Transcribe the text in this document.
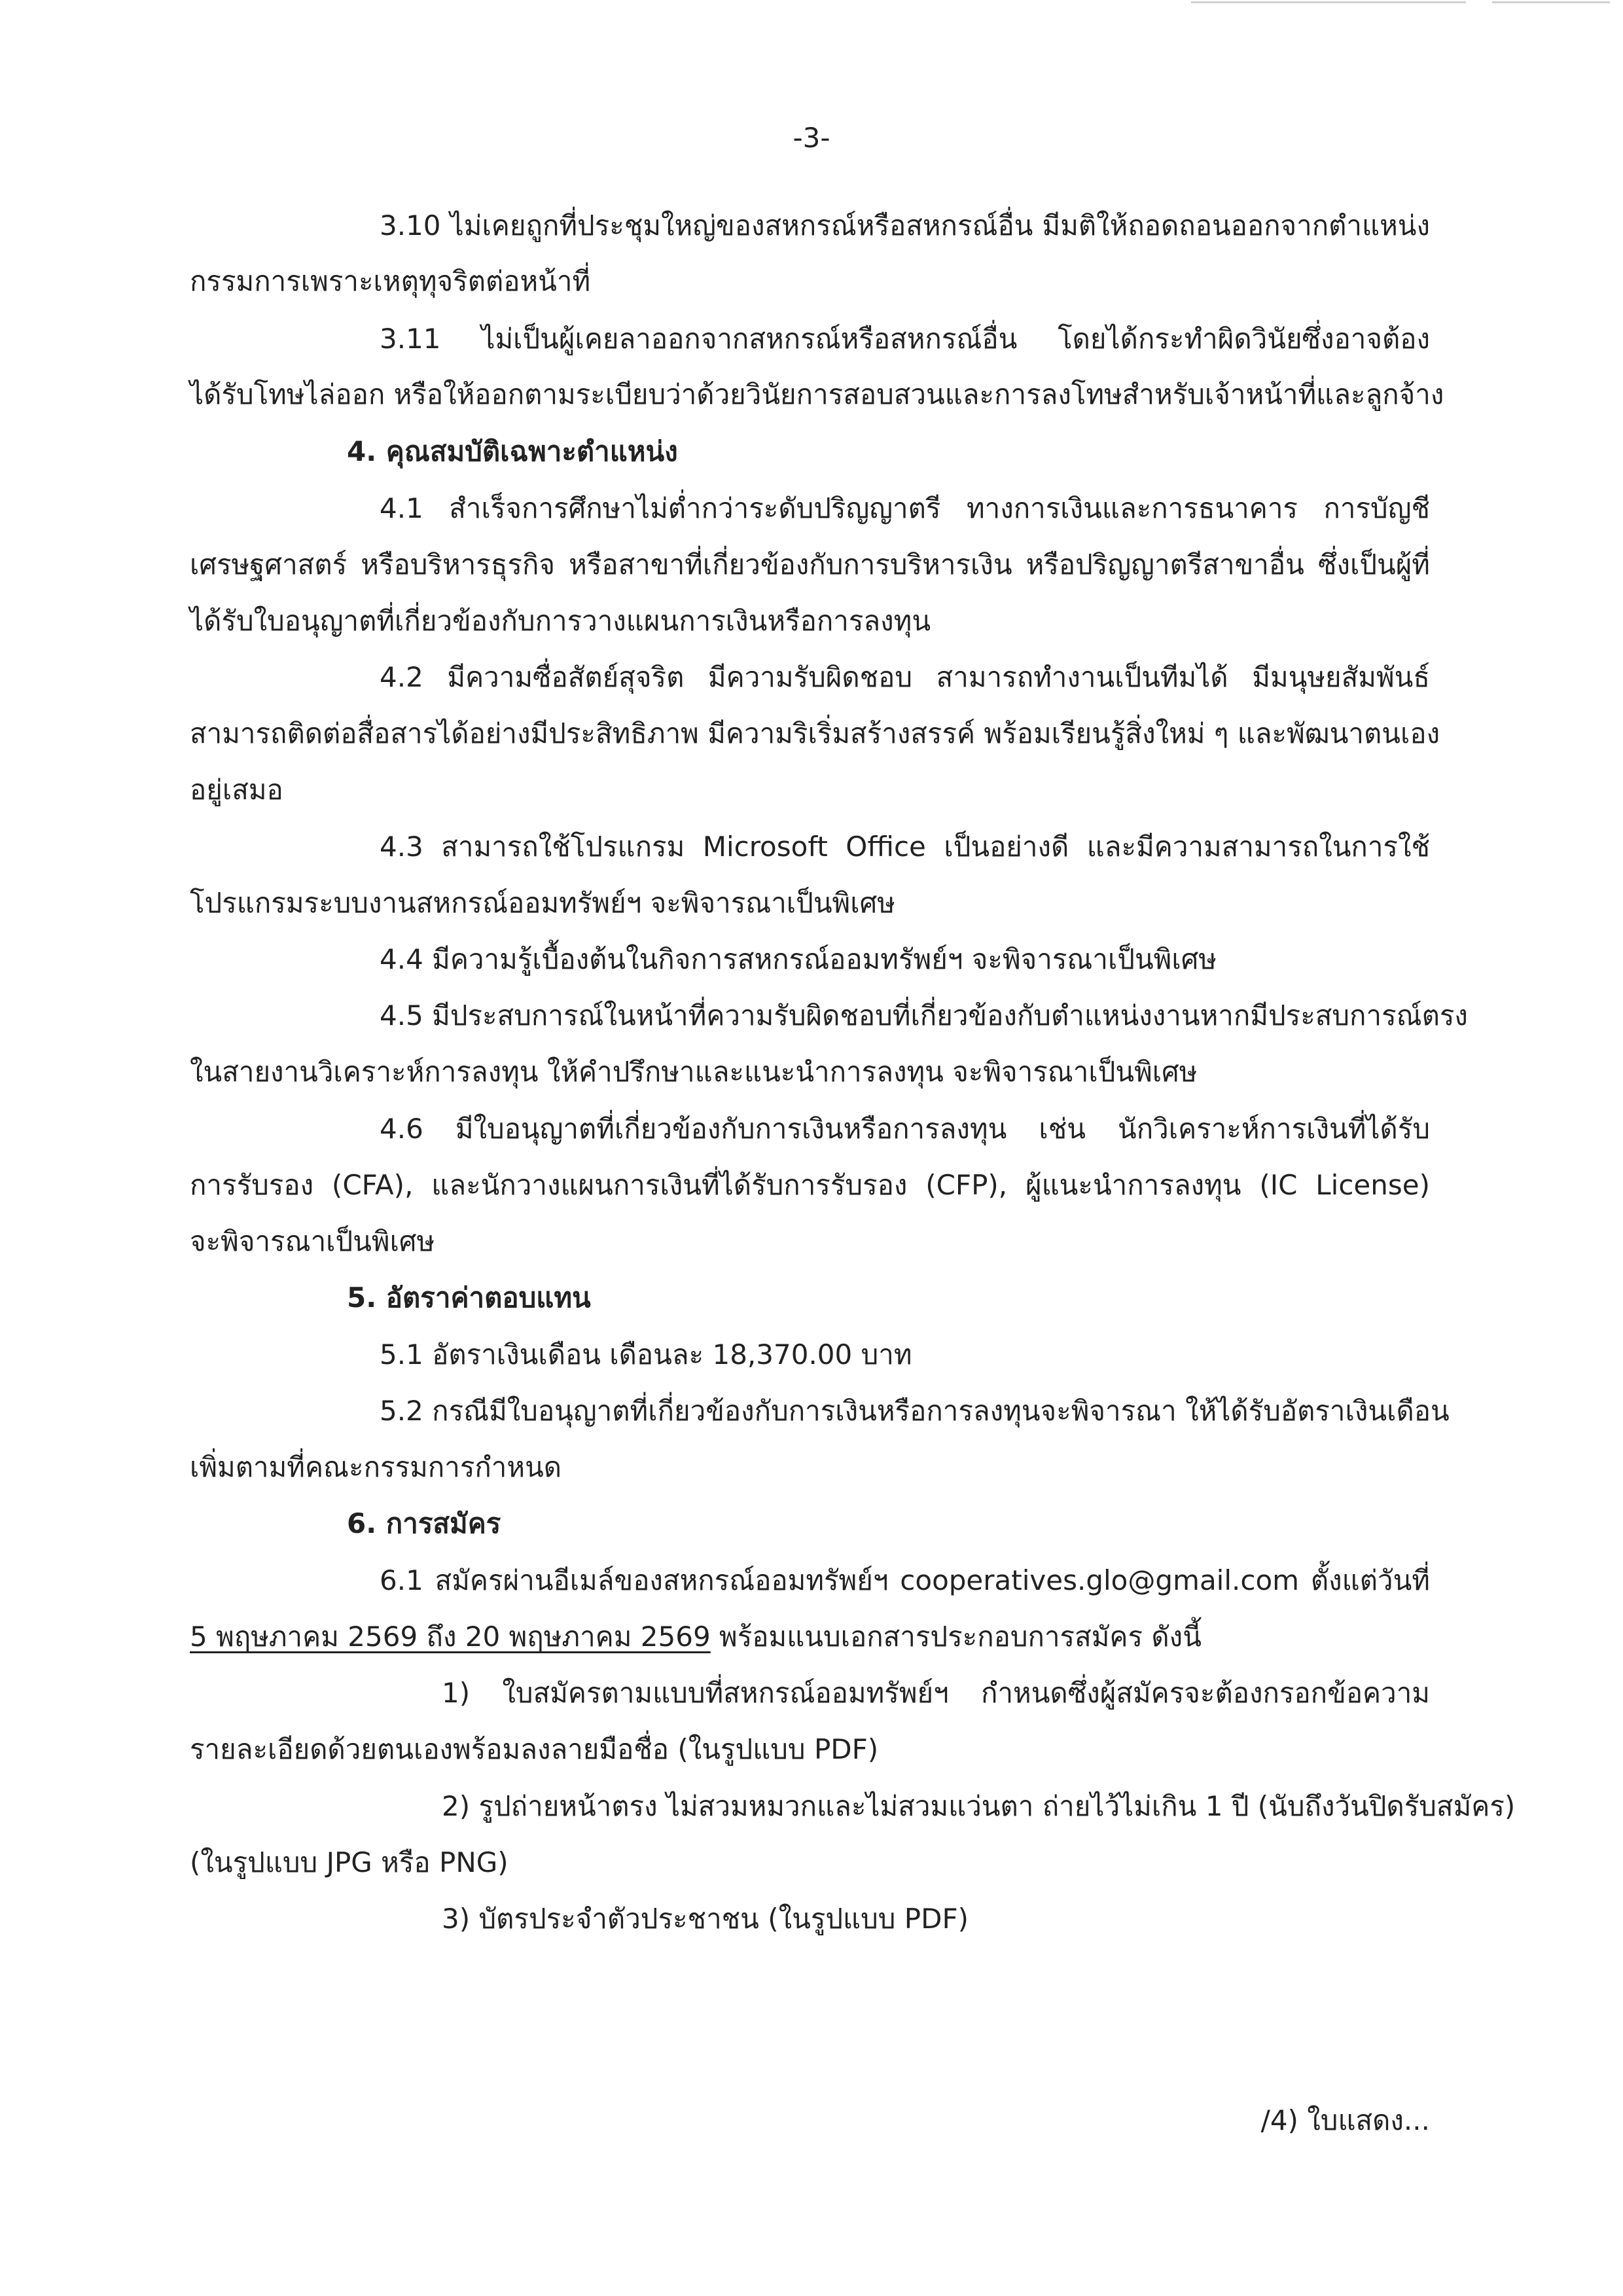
-3-
3.10 ไม่เคยถูกที่ประชุมใหญ่ของสหกรณ์หรือสหกรณ์อื่น มีมติให้ถอดถอนออกจากตำแหน่ง
กรรมการเพราะเหตุทุจริตต่อหน้าที่
3.11 ไม่เป็นผู้เคยลาออกจากสหกรณ์หรือสหกรณ์อื่น โดยได้กระทำผิดวินัยซึ่งอาจต้อง
ได้รับโทษไล่ออก หรือให้ออกตามระเบียบว่าด้วยวินัยการสอบสวนและการลงโทษสำหรับเจ้าหน้าที่และลูกจ้าง
4. คุณสมบัติเฉพาะตำแหน่ง
4.1 สำเร็จการศึกษาไม่ต่ำกว่าระดับปริญญาตรี ทางการเงินและการธนาคาร การบัญชี
เศรษฐศาสตร์ หรือบริหารธุรกิจ หรือสาขาที่เกี่ยวข้องกับการบริหารเงิน หรือปริญญาตรีสาขาอื่น ซึ่งเป็นผู้ที่
ได้รับใบอนุญาตที่เกี่ยวข้องกับการวางแผนการเงินหรือการลงทุน
4.2 มีความซื่อสัตย์สุจริต มีความรับผิดชอบ สามารถทำงานเป็นทีมได้ มีมนุษยสัมพันธ์
สามารถติดต่อสื่อสารได้อย่างมีประสิทธิภาพ มีความริเริ่มสร้างสรรค์ พร้อมเรียนรู้สิ่งใหม่ ๆ และพัฒนาตนเอง
อยู่เสมอ
4.3 สามารถใช้โปรแกรม Microsoft Office เป็นอย่างดี และมีความสามารถในการใช้
โปรแกรมระบบงานสหกรณ์ออมทรัพย์ฯ จะพิจารณาเป็นพิเศษ
4.4 มีความรู้เบื้องต้นในกิจการสหกรณ์ออมทรัพย์ฯ จะพิจารณาเป็นพิเศษ
4.5 มีประสบการณ์ในหน้าที่ความรับผิดชอบที่เกี่ยวข้องกับตำแหน่งงานหากมีประสบการณ์ตรง
ในสายงานวิเคราะห์การลงทุน ให้คำปรึกษาและแนะนำการลงทุน จะพิจารณาเป็นพิเศษ
4.6 มีใบอนุญาตที่เกี่ยวข้องกับการเงินหรือการลงทุน เช่น นักวิเคราะห์การเงินที่ได้รับ
การรับรอง (CFA), และนักวางแผนการเงินที่ได้รับการรับรอง (CFP), ผู้แนะนำการลงทุน (IC License)
จะพิจารณาเป็นพิเศษ
5. อัตราค่าตอบแทน
5.1 อัตราเงินเดือน เดือนละ 18,370.00 บาท
5.2 กรณีมีใบอนุญาตที่เกี่ยวข้องกับการเงินหรือการลงทุนจะพิจารณา ให้ได้รับอัตราเงินเดือน
เพิ่มตามที่คณะกรรมการกำหนด
6. การสมัคร
6.1 สมัครผ่านอีเมล์ของสหกรณ์ออมทรัพย์ฯ cooperatives.glo@gmail.com ตั้งแต่วันที่
5 พฤษภาคม 2569 ถึง 20 พฤษภาคม 2569 พร้อมแนบเอกสารประกอบการสมัคร ดังนี้
1) ใบสมัครตามแบบที่สหกรณ์ออมทรัพย์ฯ กำหนดซึ่งผู้สมัครจะต้องกรอกข้อความ
รายละเอียดด้วยตนเองพร้อมลงลายมือชื่อ (ในรูปแบบ PDF)
2) รูปถ่ายหน้าตรง ไม่สวมหมวกและไม่สวมแว่นตา ถ่ายไว้ไม่เกิน 1 ปี (นับถึงวันปิดรับสมัคร)
(ในรูปแบบ JPG หรือ PNG)
3) บัตรประจำตัวประชาชน (ในรูปแบบ PDF)
/4) ใบแสดง...
